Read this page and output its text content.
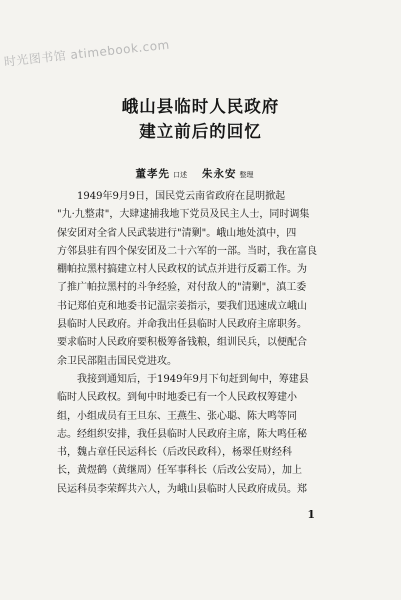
时光图书馆 atimebook.com
峨山县临时人民政府
建立前后的回忆
董孝先 口述 朱永安 整理
1949年9月9日，国民党云南省政府在昆明掀起
"九·九整肃"，大肆逮捕我地下党员及民主人士，同时调集
保安团对全省人民武装进行"清剿"。峨山地处滇中，四
方邻县驻有四个保安团及二十六军的一部。当时，我在富良
棚帕拉黑村搞建立村人民政权的试点并进行反霸工作。为
了推广帕拉黑村的斗争经验，对付敌人的"清剿"，滇工委
书记郑伯克和地委书记温宗姜指示，要我们迅速成立峨山
县临时人民政府。并命我出任县临时人民政府主席职务。
要求临时人民政府要积极筹备钱粮，组训民兵，以便配合
余卫民部阻击国民党进攻。
我接到通知后，于1949年9月下旬赶到甸中，筹建县
临时人民政权。到甸中时地委已有一个人民政权筹建小
组，小组成员有王旦东、王燕生、张心聪、陈大鸣等同
志。经组织安排，我任县临时人民政府主席，陈大鸣任秘
书，魏占章任民运科长（后改民政科），杨翠任财经科
长，黄煜鹤（黄继周）任军事科长（后改公安局），加上
民运科员李荣辉共六人，为峨山县临时人民政府成员。郑
1
